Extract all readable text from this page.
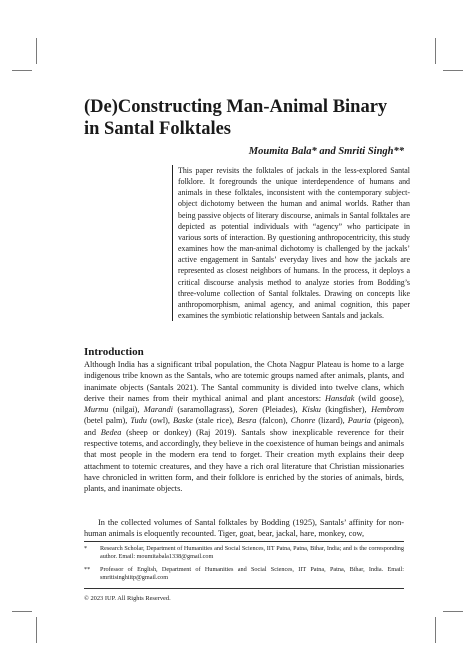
(De)Constructing Man-Animal Binary in Santal Folktales
Moumita Bala* and Smriti Singh**

This paper revisits the folktales of jackals in the less-explored Santal folklore. It foregrounds the unique interdependence of humans and animals in these folktales, inconsistent with the contemporary subject-object dichotomy between the human and animal worlds. Rather than being passive objects of literary discourse, animals in Santal folktales are depicted as potential individuals with “agency” who participate in various sorts of interaction. By questioning anthropocentricity, this study examines how the man-animal dichotomy is challenged by the jackals’ active engagement in Santals’ everyday lives and how the jackals are represented as closest neighbors of humans. In the process, it deploys a critical discourse analysis method to analyze stories from Bodding’s three-volume collection of Santal folktales. Drawing on concepts like anthropomorphism, animal agency, and animal cognition, this paper examines the symbiotic relationship between Santals and jackals.

Introduction

Although India has a significant tribal population, the Chota Nagpur Plateau is home to a large indigenous tribe known as the Santals, who are totemic groups named after animals, plants, and inanimate objects (Santals 2021). The Santal community is divided into twelve clans, which derive their names from their mythical animal and plant ancestors: Hansdak (wild goose), Murmu (nilgai), Marandi (saramollagrass), Soren (Pleiades), Kisku (kingfisher), Hembrom (betel palm), Tudu (owl), Baske (stale rice), Besra (falcon), Chonre (lizard), Pauria (pigeon), and Bedea (sheep or donkey) (Raj 2019). Santals show inexplicable reverence for their respective totems, and accordingly, they believe in the coexistence of human beings and animals that most people in the modern era tend to forget. Their creation myth explains their deep attachment to totemic creatures, and they have a rich oral literature that Christian missionaries have chronicled in written form, and their folklore is enriched by the stories of animals, birds, plants, and inanimate objects.

In the collected volumes of Santal folktales by Bodding (1925), Santals’ affinity for non-human animals is eloquently recounted. Tiger, goat, bear, jackal, hare, monkey, cow,

*	Research Scholar, Department of Humanities and Social Sciences, IIT Patna, Patna, Bihar, India; and is the corresponding author. Email: moumitabala1338@gmail.com
**	Professor of English, Department of Humanities and Social Sciences, IIT Patna, Patna, Bihar, India. Email: smritisinghiitp@gmail.com
© 2023 IUP. All Rights Reserved.
